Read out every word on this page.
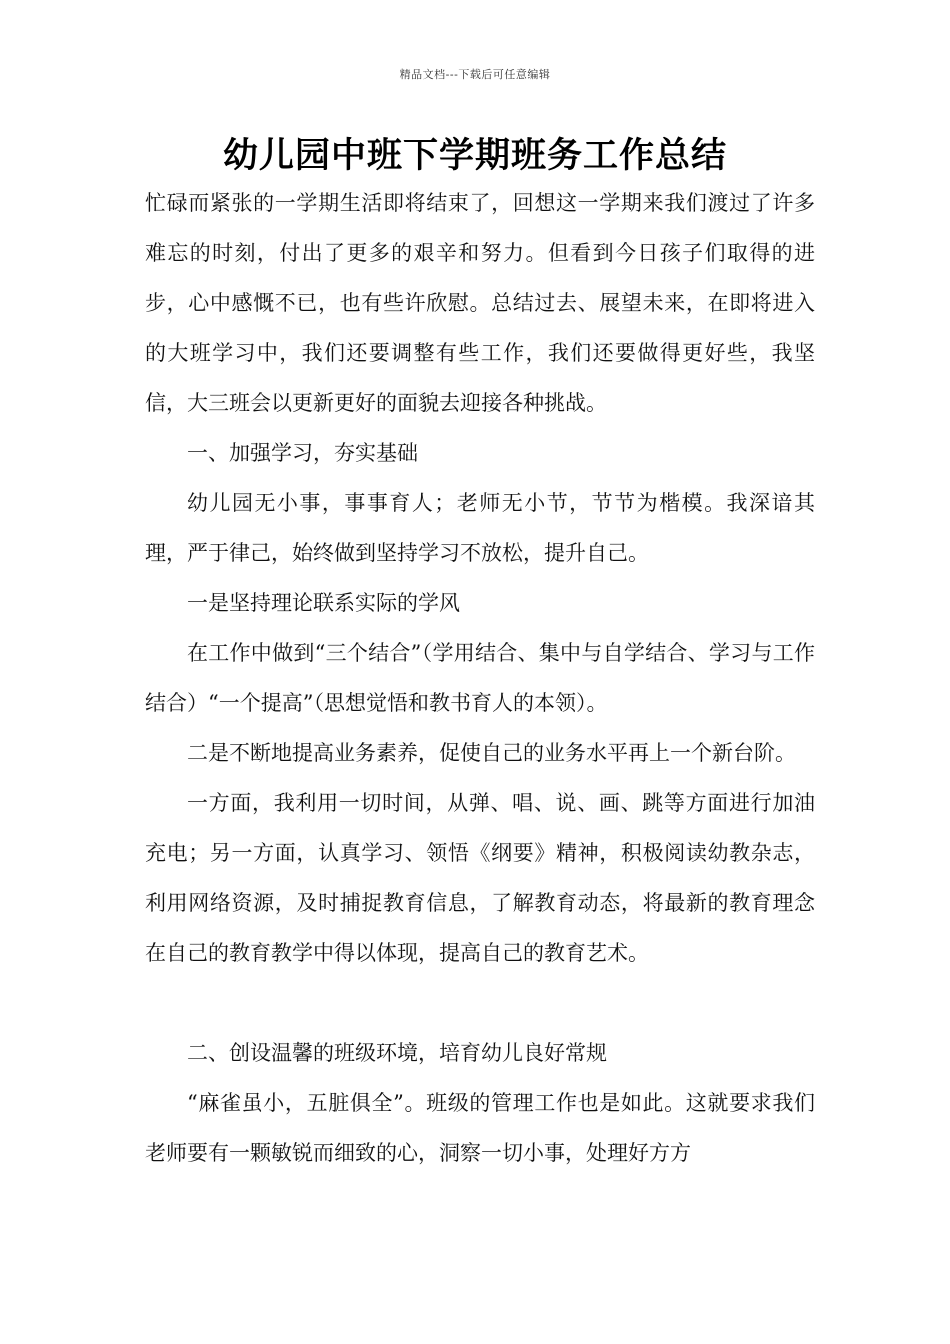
精品文档---下载后可任意编辑
幼儿园中班下学期班务工作总结

忙碌而紧张的一学期生活即将结束了，回想这一学期来我们渡过了许多难忘的时刻，付出了更多的艰辛和努力。但看到今日孩子们取得的进步，心中感慨不已，也有些许欣慰。总结过去、展望未来，在即将进入的大班学习中，我们还要调整有些工作，我们还要做得更好些，我坚信，大三班会以更新更好的面貌去迎接各种挑战。

一、加强学习，夯实基础

幼儿园无小事，事事育人；老师无小节，节节为楷模。我深谙其理，严于律己，始终做到坚持学习不放松，提升自己。

一是坚持理论联系实际的学风

在工作中做到“三个结合”（学用结合、集中与自学结合、学习与工作结合）“一个提高”（思想觉悟和教书育人的本领）。

二是不断地提高业务素养，促使自己的业务水平再上一个新台阶。

一方面，我利用一切时间，从弹、唱、说、画、跳等方面进行加油充电；另一方面，认真学习、领悟《纲要》精神，积极阅读幼教杂志，利用网络资源，及时捕捉教育信息，了解教育动态，将最新的教育理念在自己的教育教学中得以体现，提高自己的教育艺术。

二、创设温馨的班级环境，培育幼儿良好常规

“麻雀虽小，五脏俱全”。班级的管理工作也是如此。这就要求我们老师要有一颗敏锐而细致的心，洞察一切小事，处理好方方
